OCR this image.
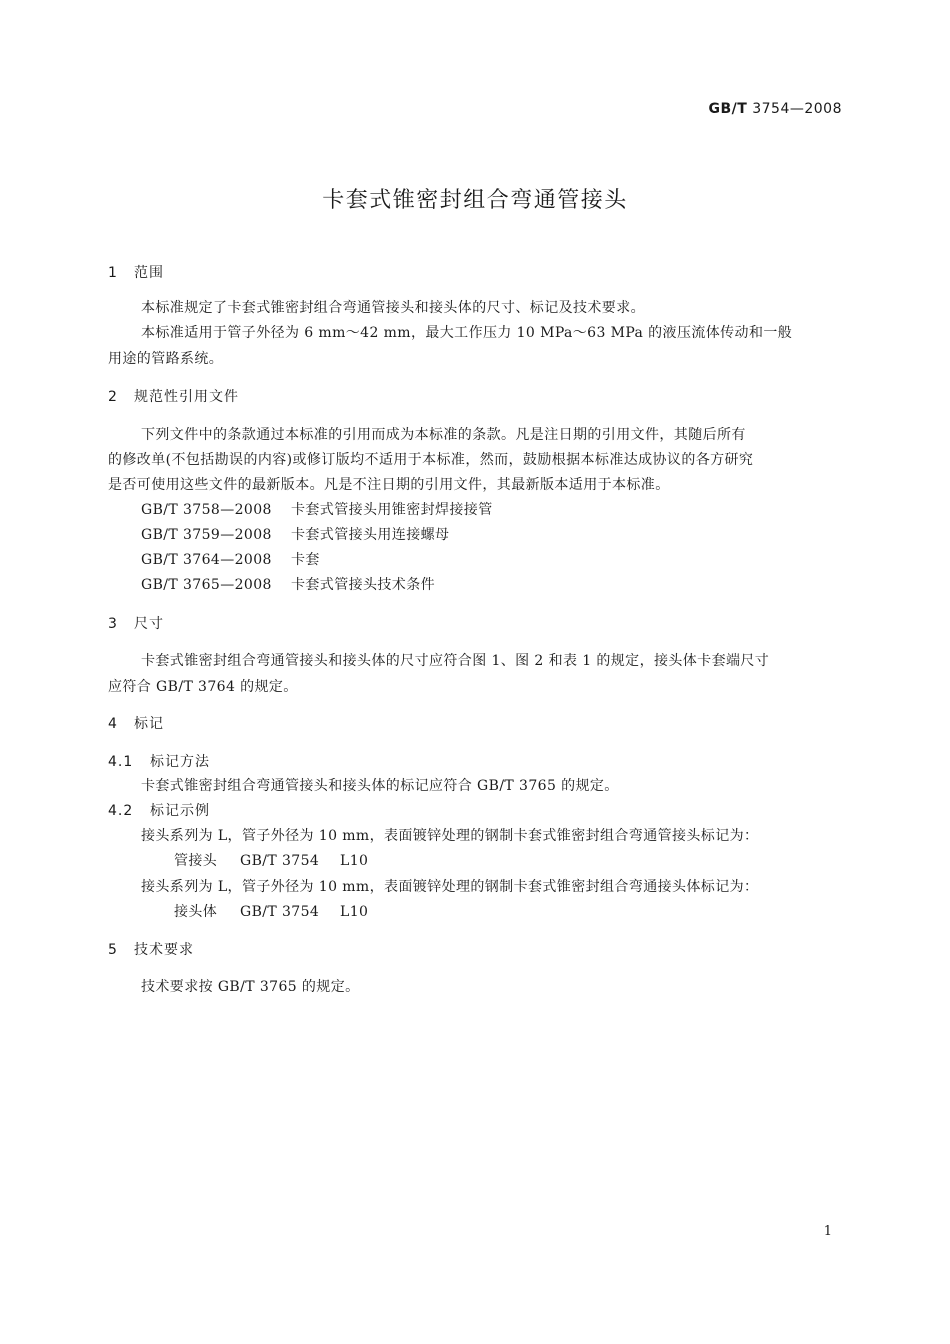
GB/T 3754—2008
卡套式锥密封组合弯通管接头
1 范围
本标准规定了卡套式锥密封组合弯通管接头和接头体的尺寸、标记及技术要求。
本标准适用于管子外径为 6 mm～42 mm，最大工作压力 10 MPa～63 MPa 的液压流体传动和一般
用途的管路系统。
2 规范性引用文件
下列文件中的条款通过本标准的引用而成为本标准的条款。凡是注日期的引用文件，其随后所有
的修改单(不包括勘误的内容)或修订版均不适用于本标准，然而，鼓励根据本标准达成协议的各方研究
是否可使用这些文件的最新版本。凡是不注日期的引用文件，其最新版本适用于本标准。
GB/T 3758—2008 卡套式管接头用锥密封焊接接管
GB/T 3759—2008 卡套式管接头用连接螺母
GB/T 3764—2008 卡套
GB/T 3765—2008 卡套式管接头技术条件
3 尺寸
卡套式锥密封组合弯通管接头和接头体的尺寸应符合图 1、图 2 和表 1 的规定，接头体卡套端尺寸
应符合 GB/T 3764 的规定。
4 标记
4.1 标记方法
卡套式锥密封组合弯通管接头和接头体的标记应符合 GB/T 3765 的规定。
4.2 标记示例
接头系列为 L，管子外径为 10 mm，表面镀锌处理的钢制卡套式锥密封组合弯通管接头标记为：
管接头 GB/T 3754 L10
接头系列为 L，管子外径为 10 mm，表面镀锌处理的钢制卡套式锥密封组合弯通接头体标记为：
接头体 GB/T 3754 L10
5 技术要求
技术要求按 GB/T 3765 的规定。
1
